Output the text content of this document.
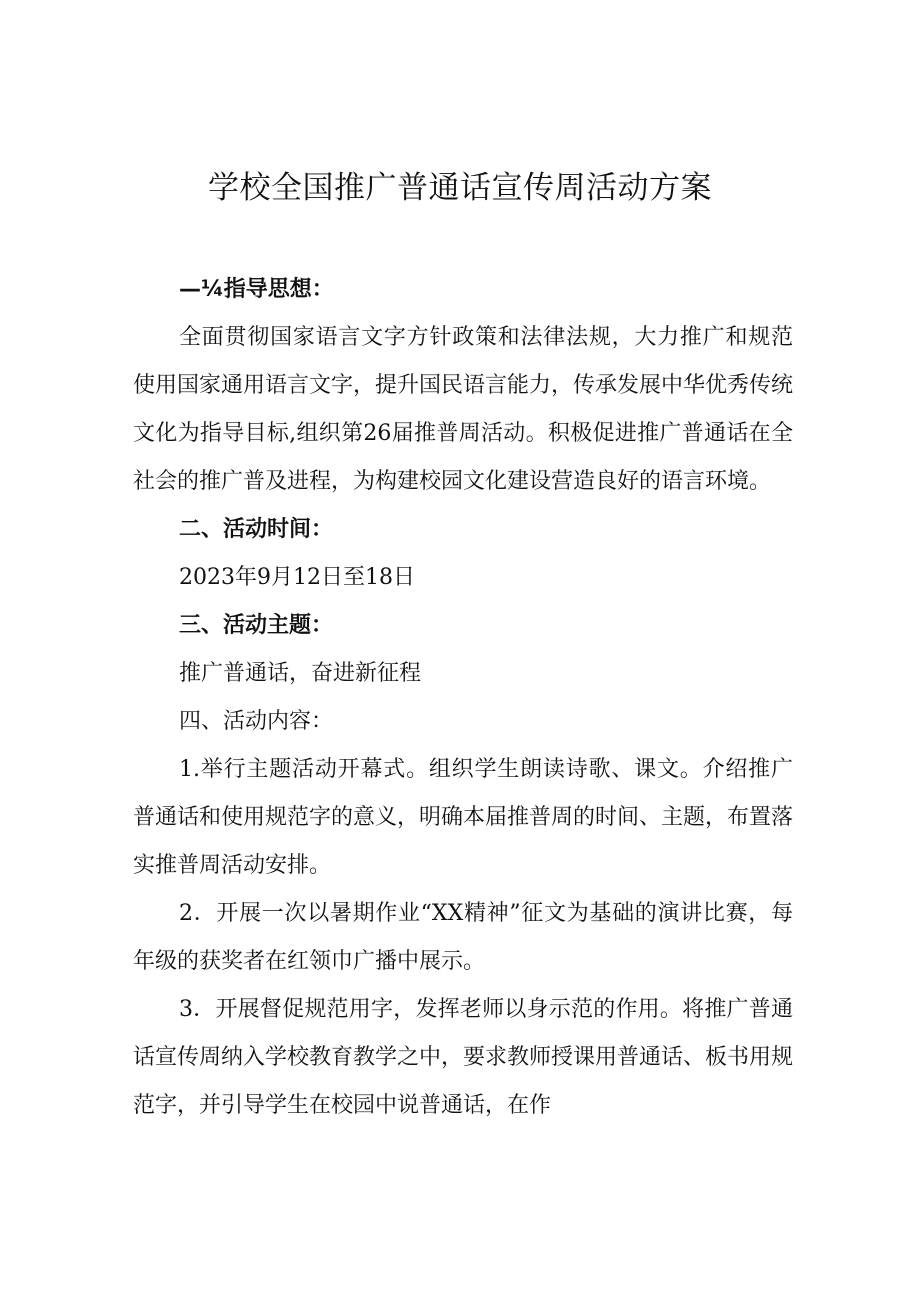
学校全国推广普通话宣传周活动方案

—¼指导思想：

全面贯彻国家语言文字方针政策和法律法规，大力推广和规范使用国家通用语言文字，提升国民语言能力，传承发展中华优秀传统文化为指导目标,组织第26届推普周活动。积极促进推广普通话在全社会的推广普及进程，为构建校园文化建设营造良好的语言环境。

二、活动时间：

2023年9月12日至18日

三、活动主题：

推广普通话，奋进新征程

四、活动内容：

1.举行主题活动开幕式。组织学生朗读诗歌、课文。介绍推广普通话和使用规范字的意义，明确本届推普周的时间、主题，布置落实推普周活动安排。

2．开展一次以暑期作业“XX精神”征文为基础的演讲比赛，每年级的获奖者在红领巾广播中展示。

3．开展督促规范用字，发挥老师以身示范的作用。将推广普通话宣传周纳入学校教育教学之中，要求教师授课用普通话、板书用规范字，并引导学生在校园中说普通话，在作
